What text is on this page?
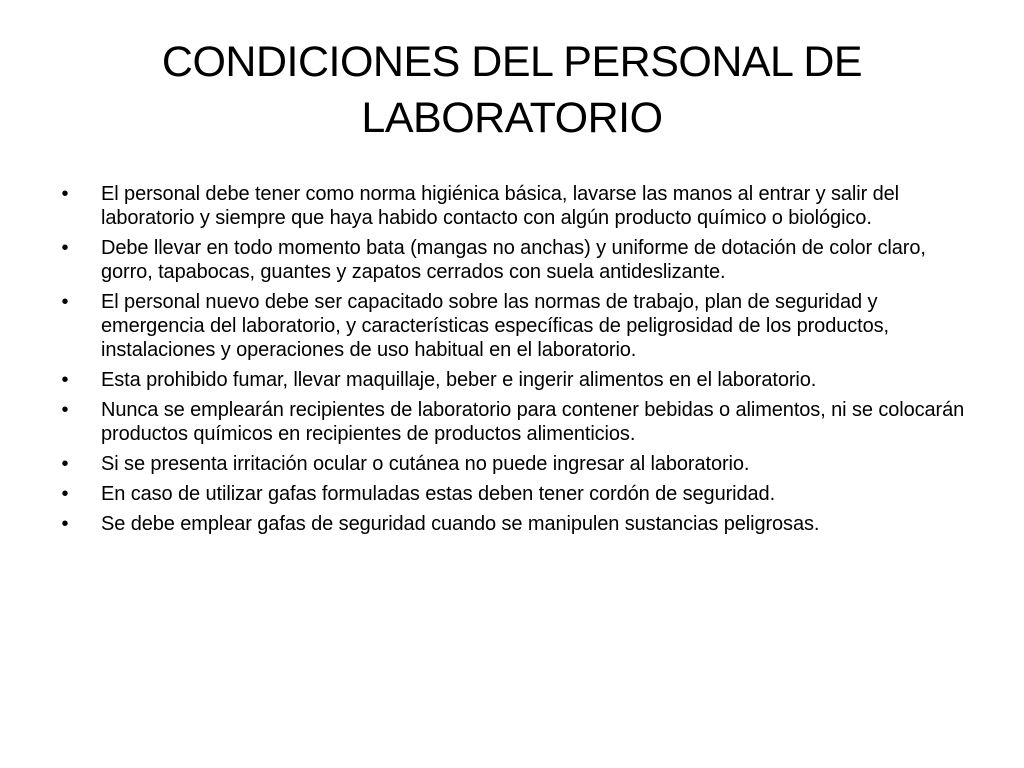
CONDICIONES DEL PERSONAL DE LABORATORIO
• El personal debe tener como norma higiénica básica, lavarse las manos al entrar y salir del laboratorio y siempre que haya habido contacto con algún producto químico o biológico.
• Debe llevar en todo momento bata (mangas no anchas) y uniforme de dotación de color claro, gorro, tapabocas, guantes y zapatos cerrados con suela antideslizante.
• El personal nuevo debe ser capacitado sobre las normas de trabajo, plan de seguridad y emergencia del laboratorio, y características específicas de peligrosidad de los productos, instalaciones y operaciones de uso habitual en el laboratorio.
• Esta prohibido fumar, llevar maquillaje, beber e ingerir alimentos en el laboratorio.
• Nunca se emplearán recipientes de laboratorio para contener bebidas o alimentos, ni se colocarán productos químicos en recipientes de productos alimenticios.
• Si se presenta irritación ocular o cutánea no puede ingresar al laboratorio.
• En caso de utilizar gafas formuladas estas deben tener cordón de seguridad.
• Se debe emplear gafas de seguridad cuando se manipulen sustancias peligrosas.
